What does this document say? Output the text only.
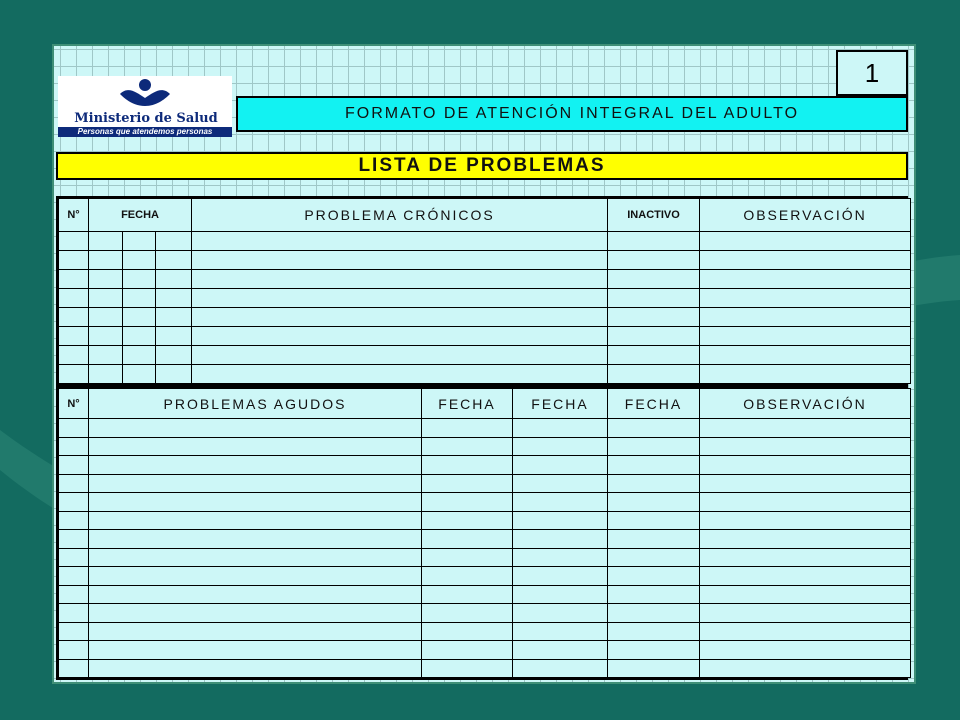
Ministerio de Salud
Personas que atendemos personas
1
FORMATO DE ATENCIÓN INTEGRAL DEL ADULTO
LISTA DE PROBLEMAS
N°	FECHA			PROBLEMA CRÓNICOS	INACTIVO	OBSERVACIÓN

N°	PROBLEMAS AGUDOS	FECHA	FECHA	FECHA	OBSERVACIÓN
